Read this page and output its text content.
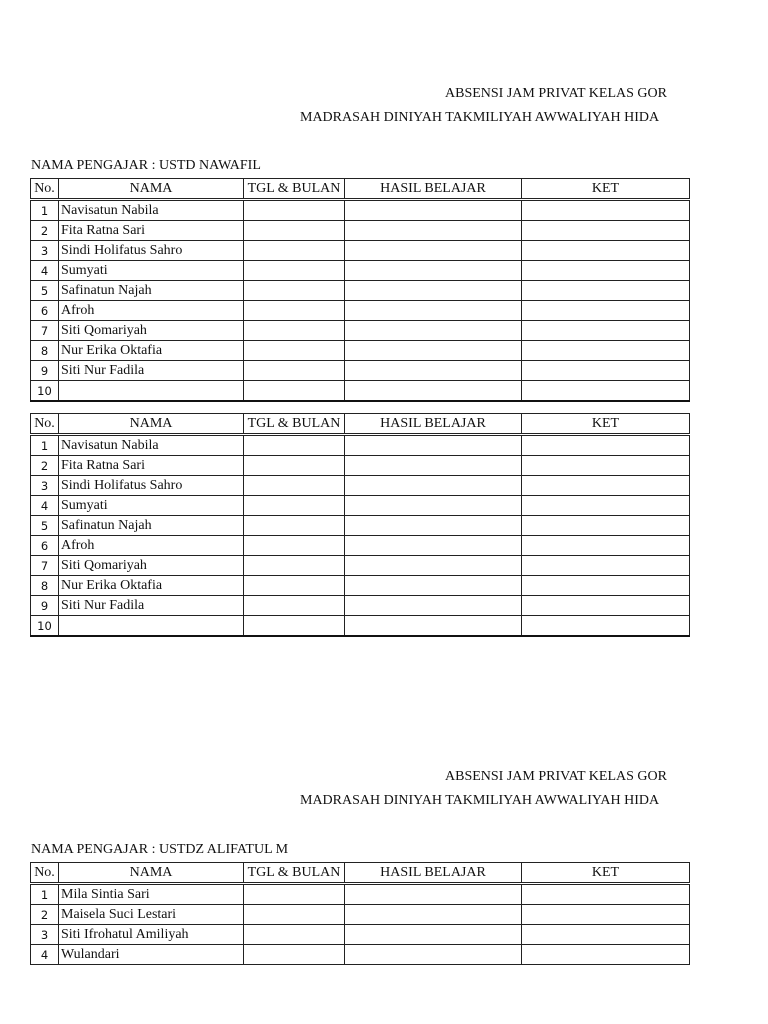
ABSENSI JAM PRIVAT KELAS GOR
MADRASAH DINIYAH TAKMILIYAH AWWALIYAH HIDA
NAMA PENGAJAR : USTD NAWAFIL
No.	NAMA	TGL & BULAN	HASIL BELAJAR	KET
1	Navisatun Nabila			
2	Fita Ratna Sari			
3	Sindi Holifatus Sahro			
4	Sumyati			
5	Safinatun Najah			
6	Afroh			
7	Siti Qomariyah			
8	Nur Erika Oktafia			
9	Siti Nur Fadila			
10				
No.	NAMA	TGL & BULAN	HASIL BELAJAR	KET
1	Navisatun Nabila			
2	Fita Ratna Sari			
3	Sindi Holifatus Sahro			
4	Sumyati			
5	Safinatun Najah			
6	Afroh			
7	Siti Qomariyah			
8	Nur Erika Oktafia			
9	Siti Nur Fadila			
10				
ABSENSI JAM PRIVAT KELAS GOR
MADRASAH DINIYAH TAKMILIYAH AWWALIYAH HIDA
NAMA PENGAJAR : USTDZ ALIFATUL M
No.	NAMA	TGL & BULAN	HASIL BELAJAR	KET
1	Mila Sintia Sari			
2	Maisela Suci Lestari			
3	Siti Ifrohatul Amiliyah			
4	Wulandari			
